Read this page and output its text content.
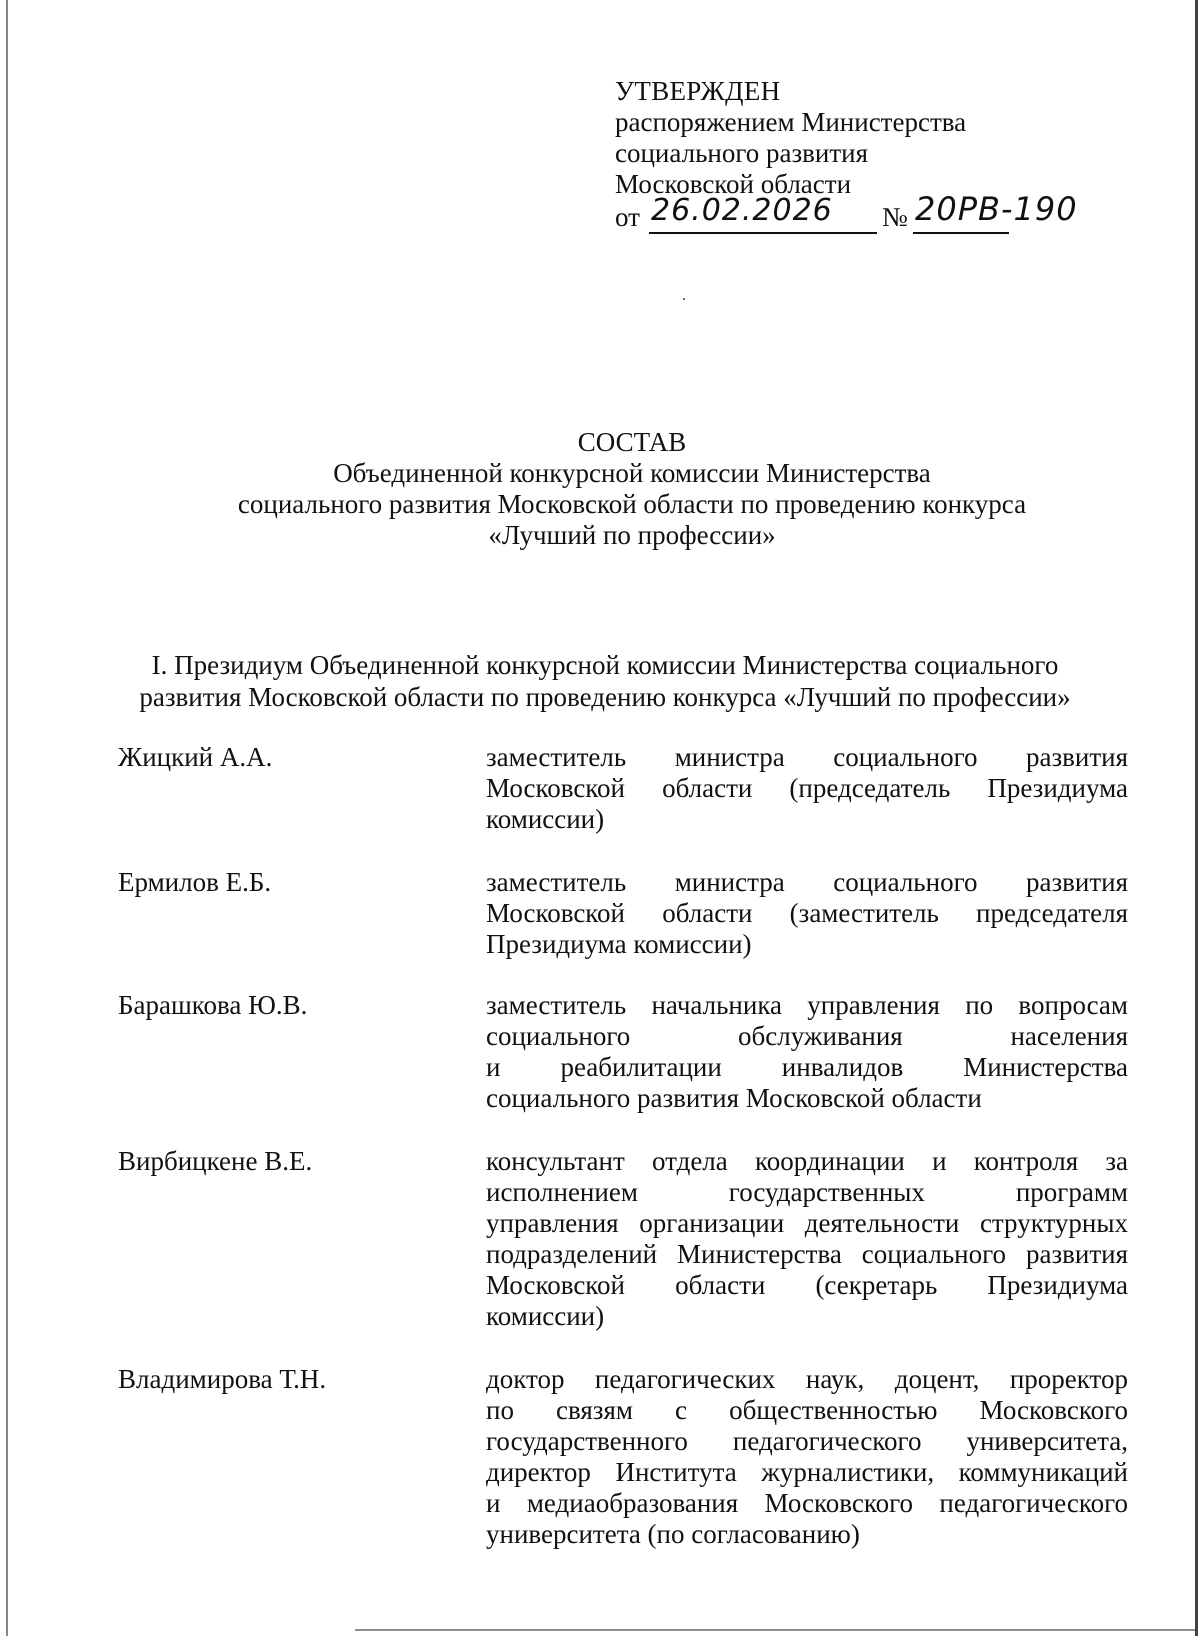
УТВЕРЖДЕН
распоряжением Министерства
социального развития
Московской области
от 26.02.2026 № 20РВ-190
СОСТАВ
Объединенной конкурсной комиссии Министерства
социального развития Московской области по проведению конкурса
«Лучший по профессии»
I. Президиум Объединенной конкурсной комиссии Министерства социального
развития Московской области по проведению конкурса «Лучший по профессии»
Жицкий А.А.	заместитель министра социального развития
Московской области (председатель Президиума
комиссии)
Ермилов Е.Б.	заместитель министра социального развития
Московской области (заместитель председателя
Президиума комиссии)
Барашкова Ю.В.	заместитель начальника управления по вопросам
социального обслуживания населения
и реабилитации инвалидов Министерства
социального развития Московской области
Вирбицкене В.Е.	консультант отдела координации и контроля за
исполнением государственных программ
управления организации деятельности структурных
подразделений Министерства социального развития
Московской области (секретарь Президиума
комиссии)
Владимирова Т.Н.	доктор педагогических наук, доцент, проректор
по связям с общественностью Московского
государственного педагогического университета,
директор Института журналистики, коммуникаций
и медиаобразования Московского педагогического
университета (по согласованию)
